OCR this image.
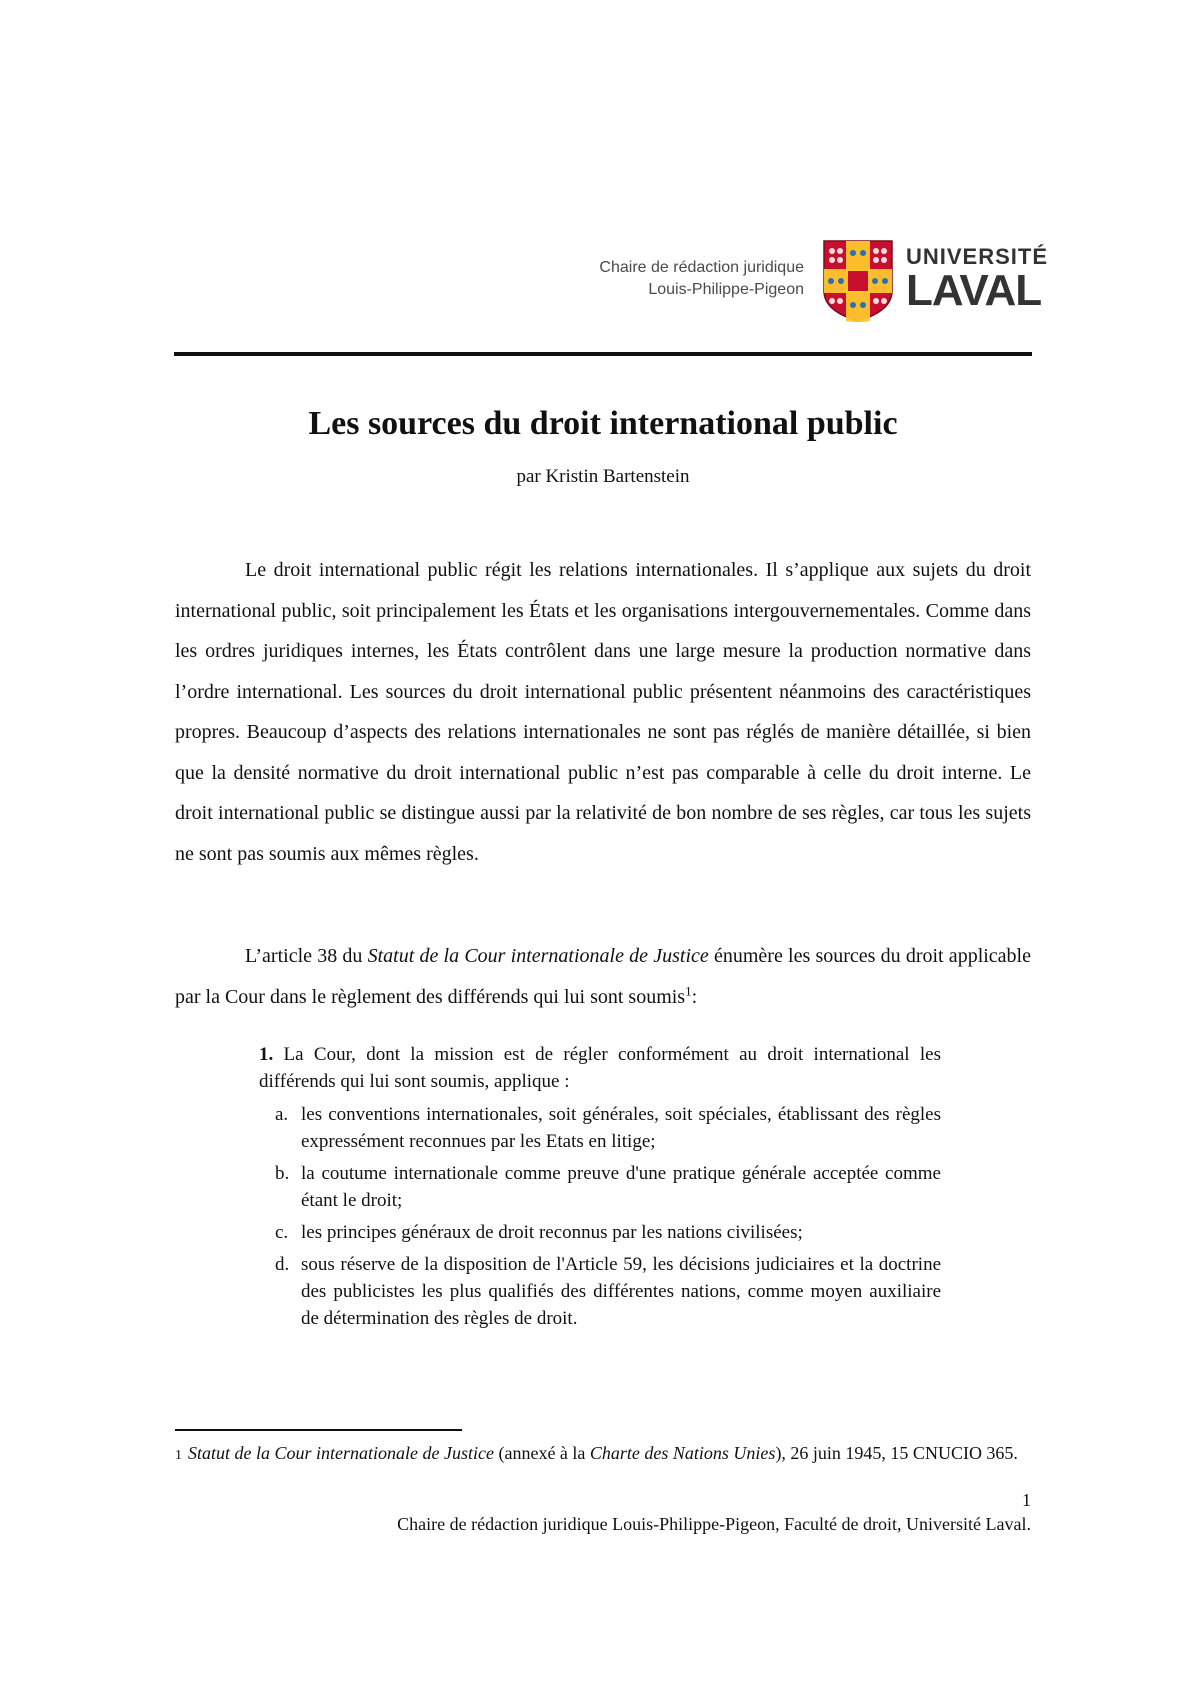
Chaire de rédaction juridique
Louis-Philippe-Pigeon
UNIVERSITÉ
LAVAL
Les sources du droit international public
par Kristin Bartenstein

Le droit international public régit les relations internationales. Il s’applique aux sujets du droit international public, soit principalement les États et les organisations intergouvernementales. Comme dans les ordres juridiques internes, les États contrôlent dans une large mesure la production normative dans l’ordre international. Les sources du droit international public présentent néanmoins des caractéristiques propres. Beaucoup d’aspects des relations internationales ne sont pas réglés de manière détaillée, si bien que la densité normative du droit international public n’est pas comparable à celle du droit interne. Le droit international public se distingue aussi par la relativité de bon nombre de ses règles, car tous les sujets ne sont pas soumis aux mêmes règles.

L’article 38 du Statut de la Cour internationale de Justice énumère les sources du droit applicable par la Cour dans le règlement des différends qui lui sont soumis$^1$:

1. La Cour, dont la mission est de régler conformément au droit international les différends qui lui sont soumis, applique :

a. les conventions internationales, soit générales, soit spéciales, établissant des règles expressément reconnues par les Etats en litige;
b. la coutume internationale comme preuve d'une pratique générale acceptée comme étant le droit;
c. les principes généraux de droit reconnus par les nations civilisées;
d. sous réserve de la disposition de l'Article 59, les décisions judiciaires et la doctrine des publicistes les plus qualifiés des différentes nations, comme moyen auxiliaire de détermination des règles de droit.
1 Statut de la Cour internationale de Justice (annexé à la Charte des Nations Unies), 26 juin 1945, 15 CNUCIO 365.
1
Chaire de rédaction juridique Louis-Philippe-Pigeon, Faculté de droit, Université Laval.
